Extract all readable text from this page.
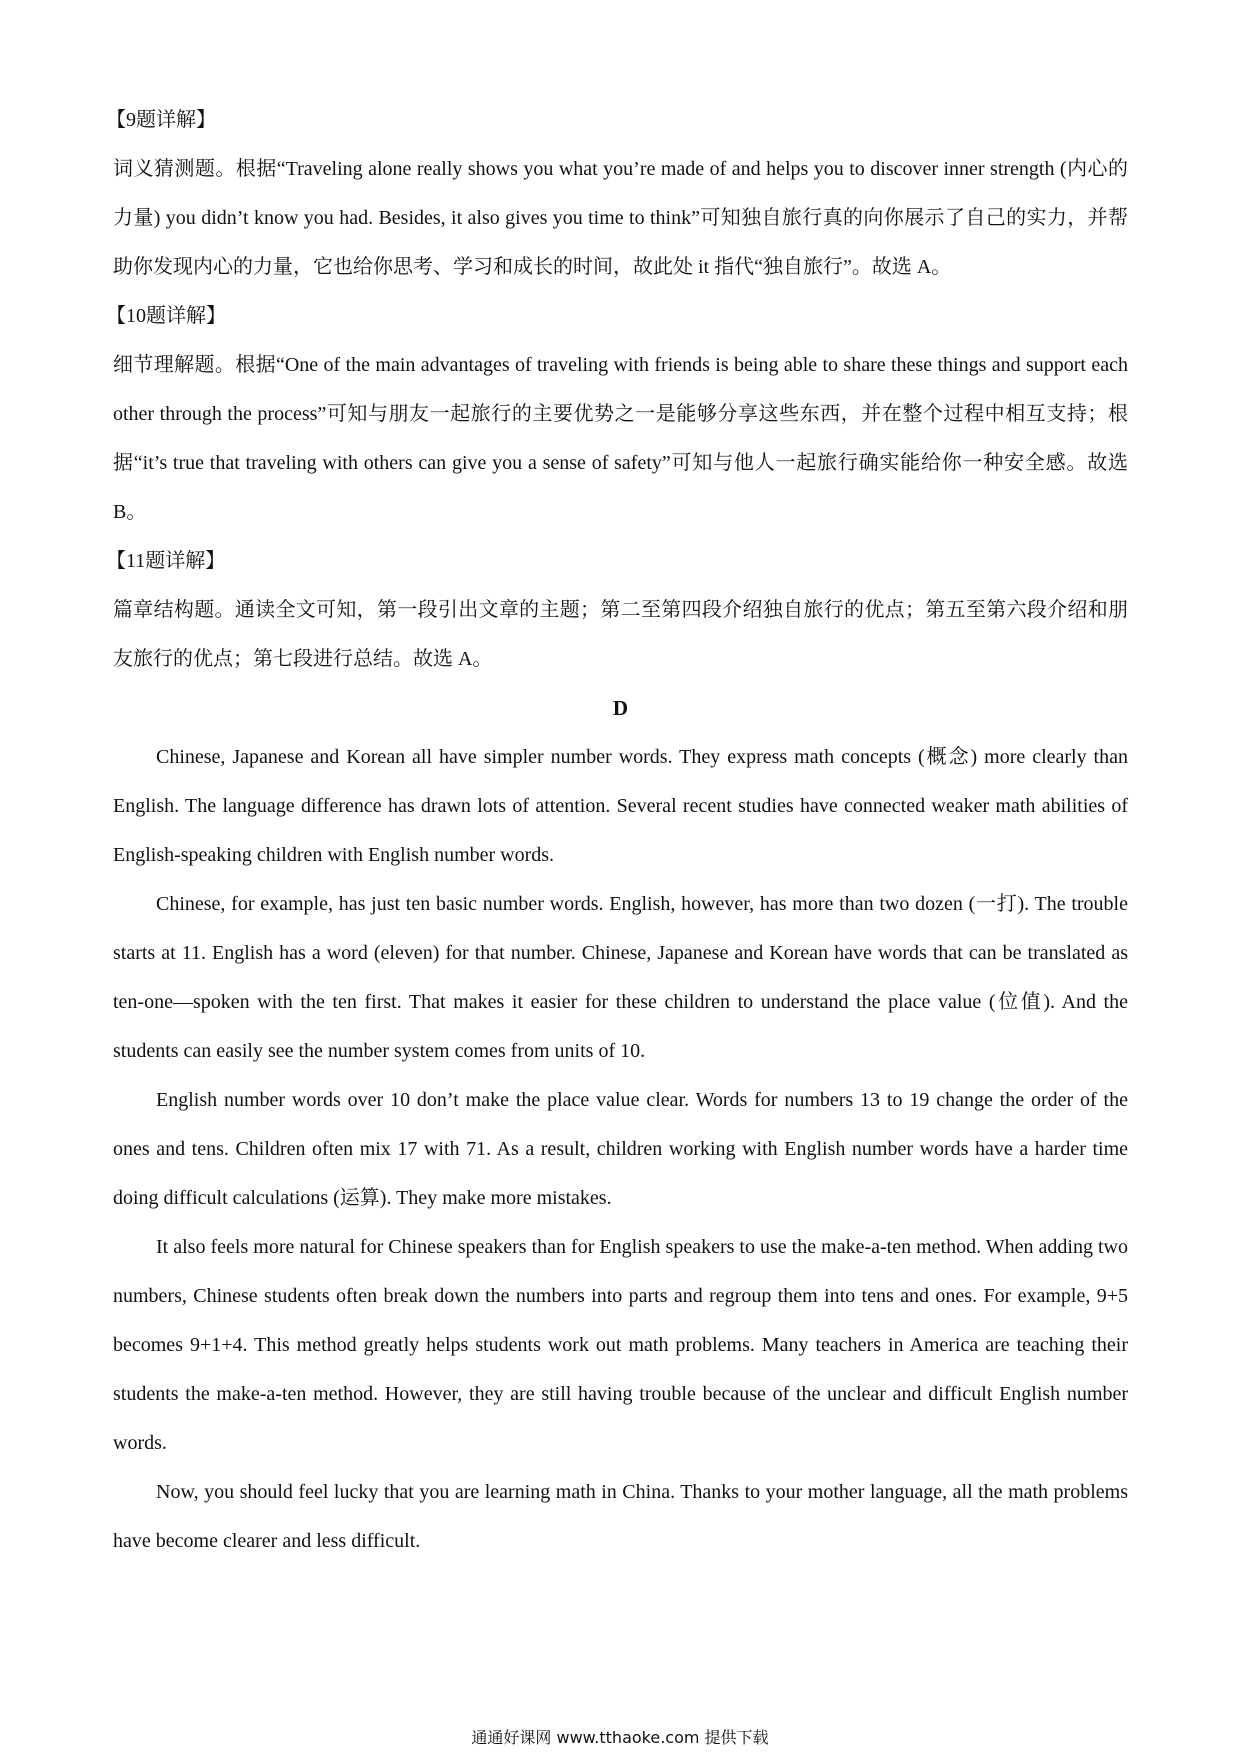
【9题详解】

词义猜测题。根据“Traveling alone really shows you what you’re made of and helps you to discover inner strength (内心的力量) you didn’t know you had. Besides, it also gives you time to think”可知独自旅行真的向你展示了自己的实力，并帮助你发现内心的力量，它也给你思考、学习和成长的时间，故此处 it 指代“独自旅行”。故选 A。

【10题详解】

细节理解题。根据“One of the main advantages of traveling with friends is being able to share these things and support each other through the process”可知与朋友一起旅行的主要优势之一是能够分享这些东西，并在整个过程中相互支持；根据“it’s true that traveling with others can give you a sense of safety”可知与他人一起旅行确实能给你一种安全感。故选 B。

【11题详解】

篇章结构题。通读全文可知，第一段引出文章的主题；第二至第四段介绍独自旅行的优点；第五至第六段介绍和朋友旅行的优点；第七段进行总结。故选 A。

D

Chinese, Japanese and Korean all have simpler number words. They express math concepts (概念) more clearly than English. The language difference has drawn lots of attention. Several recent studies have connected weaker math abilities of English-speaking children with English number words.

Chinese, for example, has just ten basic number words. English, however, has more than two dozen (一打). The trouble starts at 11. English has a word (eleven) for that number. Chinese, Japanese and Korean have words that can be translated as ten-one—spoken with the ten first. That makes it easier for these children to understand the place value (位值). And the students can easily see the number system comes from units of 10.

English number words over 10 don’t make the place value clear. Words for numbers 13 to 19 change the order of the ones and tens. Children often mix 17 with 71. As a result, children working with English number words have a harder time doing difficult calculations (运算). They make more mistakes.

It also feels more natural for Chinese speakers than for English speakers to use the make-a-ten method. When adding two numbers, Chinese students often break down the numbers into parts and regroup them into tens and ones. For example, 9+5 becomes 9+1+4. This method greatly helps students work out math problems. Many teachers in America are teaching their students the make-a-ten method. However, they are still having trouble because of the unclear and difficult English number words.

Now, you should feel lucky that you are learning math in China. Thanks to your mother language, all the math problems have become clearer and less difficult.

通通好课网 www.tthaoke.com 提供下载
